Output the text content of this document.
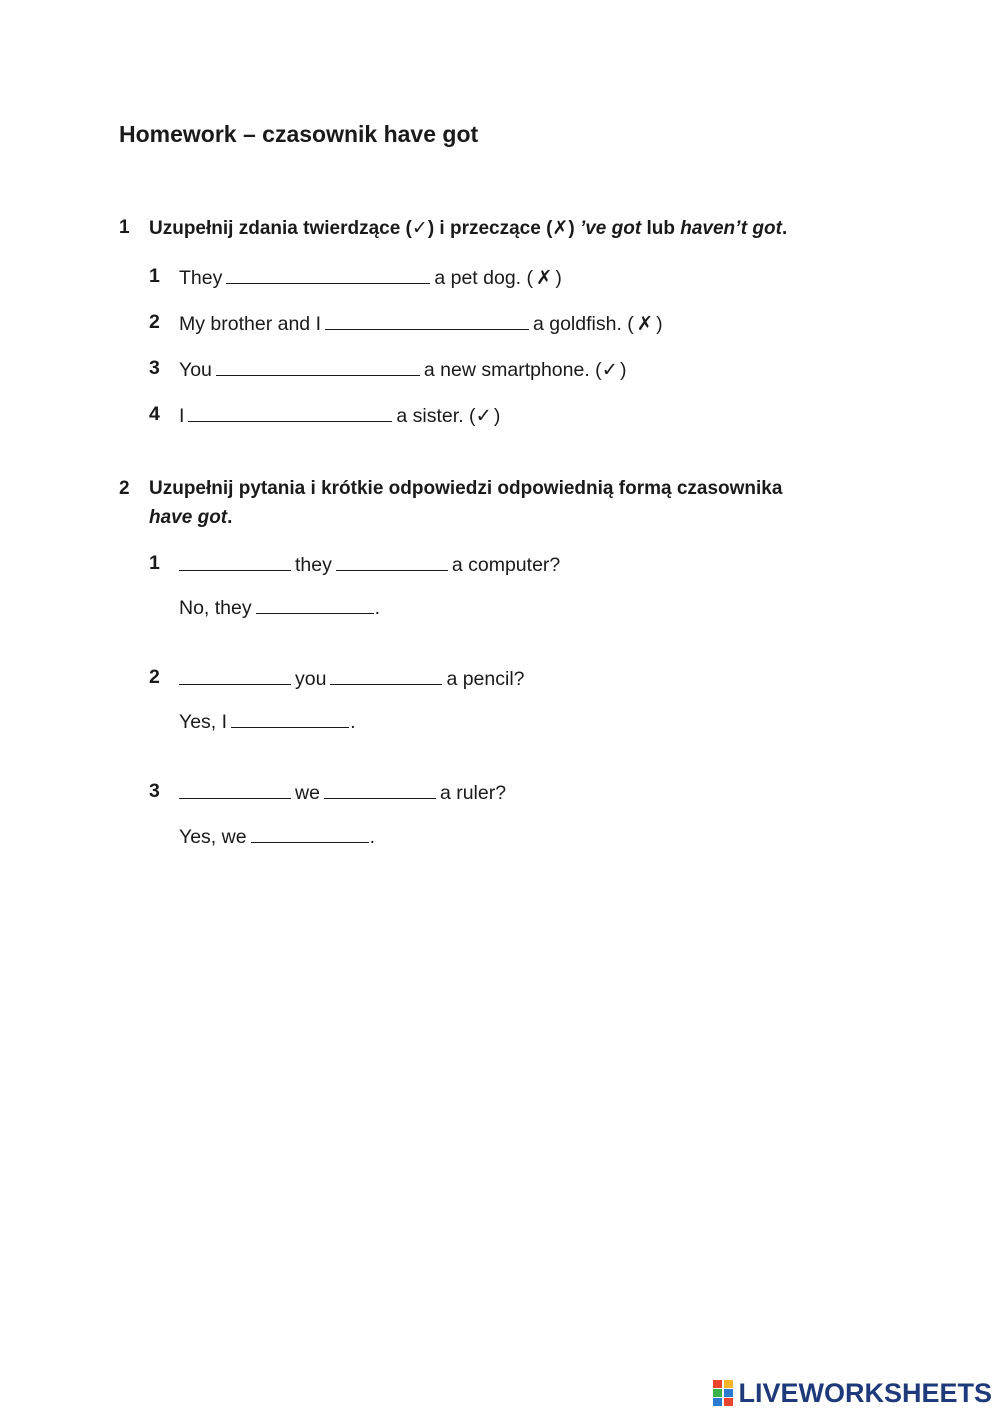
Homework – czasownik have got
1 Uzupełnij zdania twierdzące (✓) i przeczące (✗) ’ve got lub haven’t got.
1 They	a pet dog. ( ✗ )
2 My brother and I	a goldfish. ( ✗ )
3 You	a new smartphone. (✓ )
4 I	a sister. (✓ )
2 Uzupełnij pytania i krótkie odpowiedzi odpowiednią formą czasownika
have got.
1	they	a computer?
No, they	.
2	you	a pencil?
Yes, I	.
3	we	a ruler?
Yes, we	.
LIVEWORKSHEETS
